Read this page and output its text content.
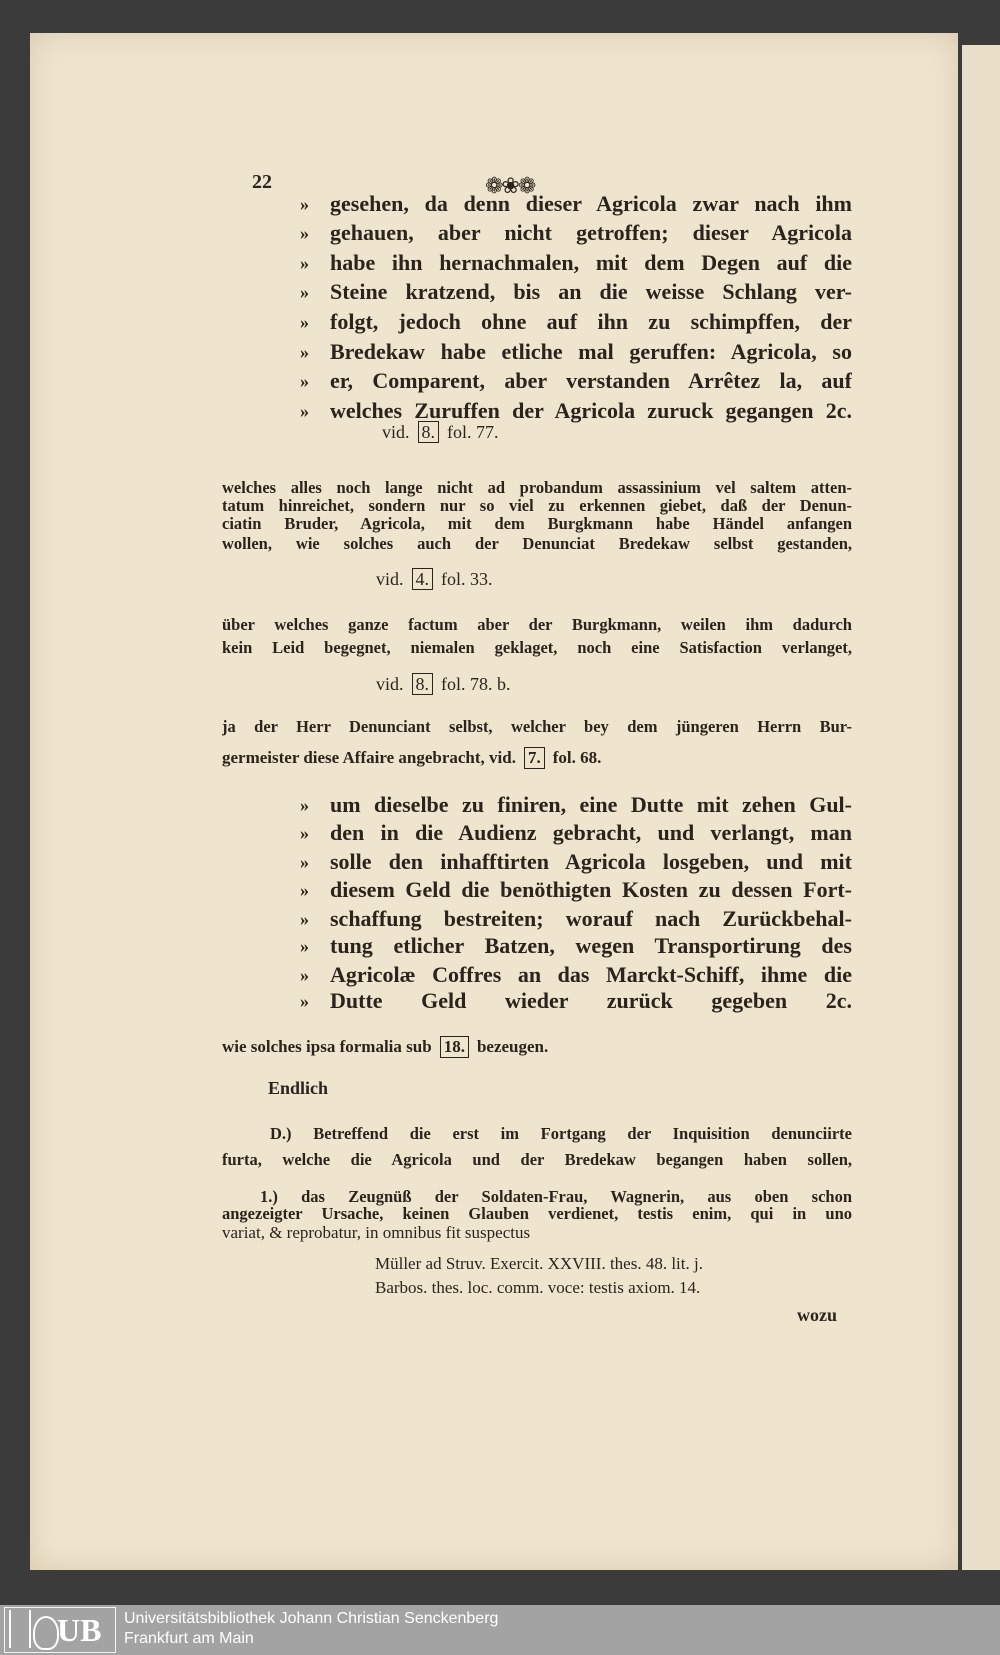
22	❁❀❁
» gesehen, da denn dieser Agricola zwar nach ihm
» gehauen, aber nicht getroffen; dieser Agricola
» habe ihn hernachmalen, mit dem Degen auf die
» Steine kratzend, bis an die weisse Schlang ver-
» folgt, jedoch ohne auf ihn zu schimpffen, der
» Bredekaw habe etliche mal geruffen: Agricola, so
» er, Comparent, aber verstanden Arrêtez la, auf
» welches Zuruffen der Agricola zuruck gegangen 2c.
vid. 8. fol. 77.
welches alles noch lange nicht ad probandum assassinium vel saltem atten-
tatum hinreichet, sondern nur so viel zu erkennen giebet, daß der Denun-
ciatin Bruder, Agricola, mit dem Burgkmann habe Händel anfangen
wollen, wie solches auch der Denunciat Bredekaw selbst gestanden,
vid. 4. fol. 33.
über welches ganze factum aber der Burgkmann, weilen ihm dadurch
kein Leid begegnet, niemalen geklaget, noch eine Satisfaction verlanget,
vid. 8. fol. 78. b.
ja der Herr Denunciant selbst, welcher bey dem jüngeren Herrn Bur-
germeister diese Affaire angebracht, vid. 7. fol. 68.
» um dieselbe zu finiren, eine Dutte mit zehen Gul-
» den in die Audienz gebracht, und verlangt, man
» solle den inhafftirten Agricola losgeben, und mit
» diesem Geld die benöthigten Kosten zu dessen Fort-
» schaffung bestreiten; worauf nach Zurückbehal-
» tung etlicher Batzen, wegen Transportirung des
» Agricolæ Coffres an das Marckt-Schiff, ihme die
» Dutte Geld wieder zurück gegeben 2c.
wie solches ipsa formalia sub 18. bezeugen.
Endlich
D.) Betreffend die erst im Fortgang der Inquisition denunciirte
furta, welche die Agricola und der Bredekaw begangen haben sollen,
1.) das Zeugnüß der Soldaten-Frau, Wagnerin, aus oben schon
angezeigter Ursache, keinen Glauben verdienet, testis enim, qui in uno
variat, & reprobatur, in omnibus fit suspectus
Müller ad Struv. Exercit. XXVIII. thes. 48. lit. j.
Barbos. thes. loc. comm. voce: testis axiom. 14.
wozu
UB Universitätsbibliothek Johann Christian Senckenberg
Frankfurt am Main
